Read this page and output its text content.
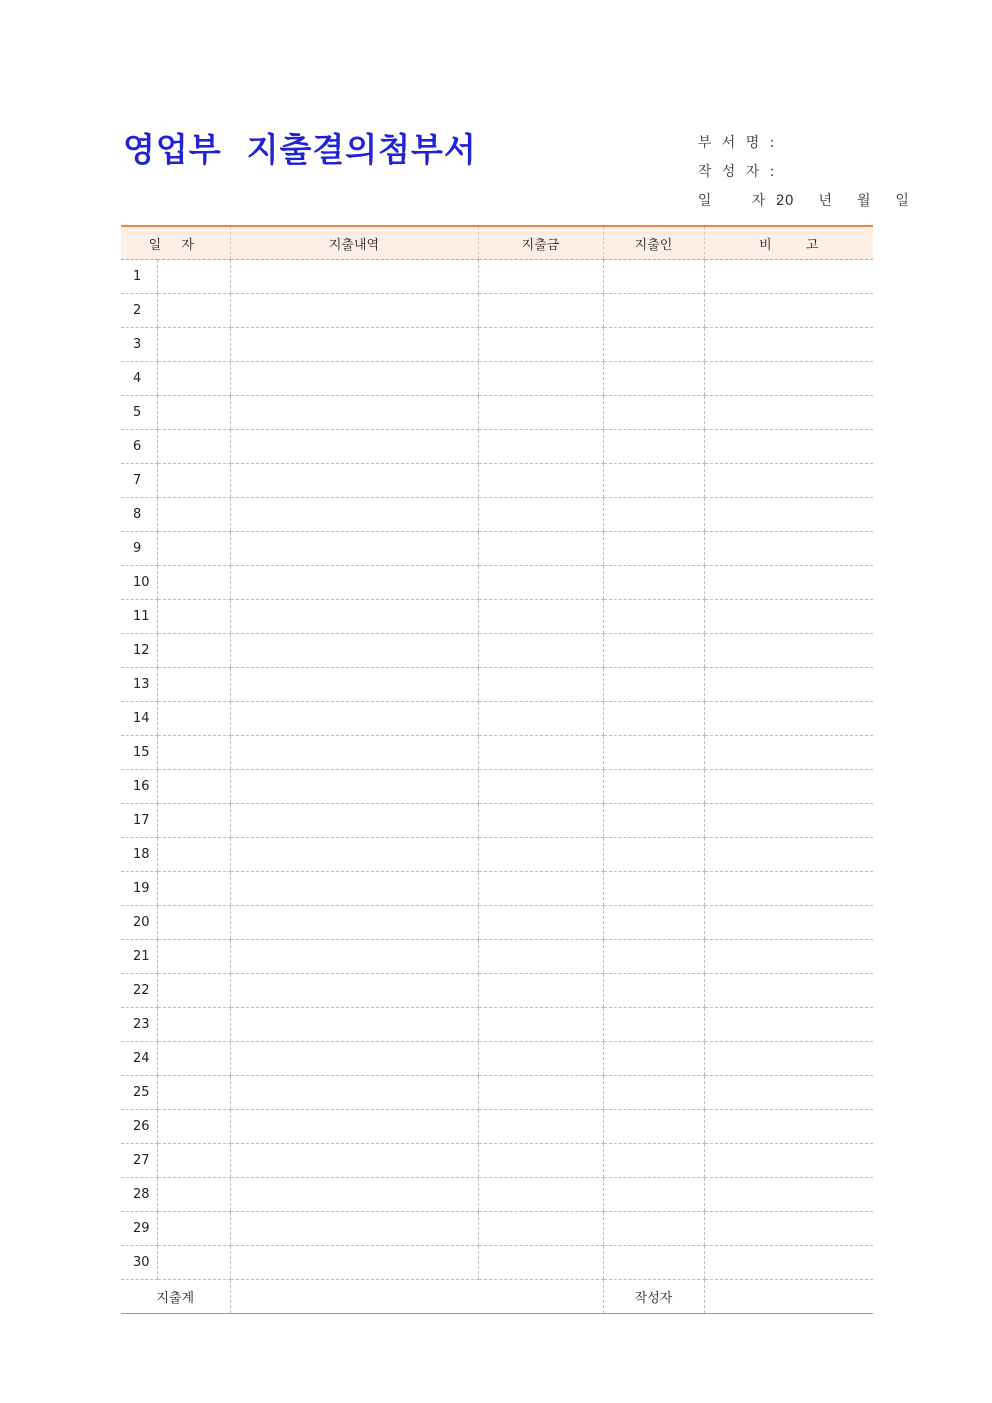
영업부  지출결의첨부서	부 서 명 :

작 성 자 :

일     자 :20  년  월  일

일 자		지출내역	지출금	지출인	비 고
1					
2					
3					
4					
5					
6					
7					
8					
9					
10					
11					
12					
13					
14					
15					
16					
17					
18					
19					
20					
21					
22					
23					
24					
25					
26					
27					
28					
29					
30					
지출계				작성자	
